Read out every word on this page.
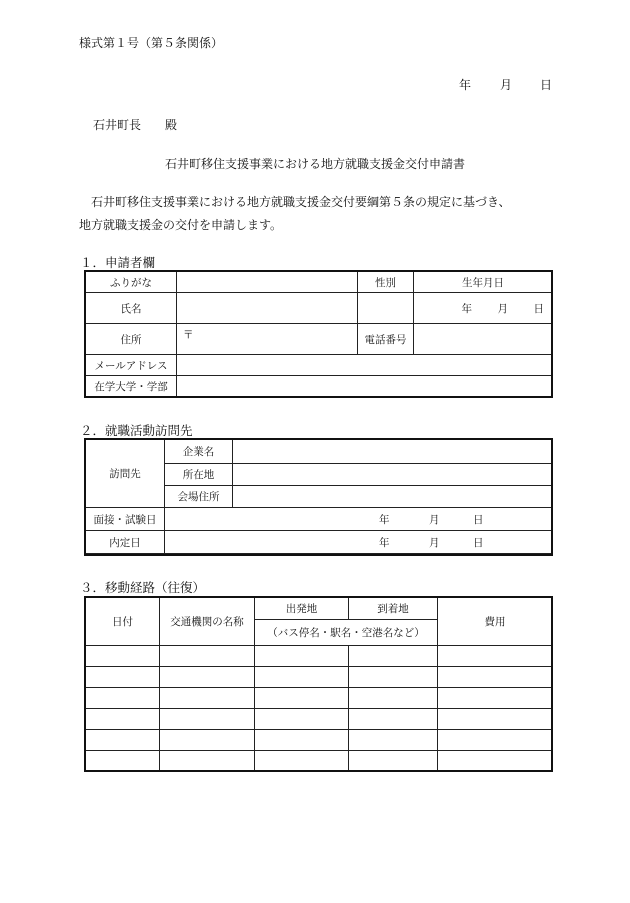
様式第１号（第５条関係）
年 月 日
石井町長　　殿
石井町移住支援事業における地方就職支援金交付申請書

石井町移住支援事業における地方就職支援金交付要綱第５条の規定に基づき、

地方就職支援金の交付を申請します。

１．申請者欄
ふりがな		性別	生年月日
氏名			年 月 日

住所	〒	電話番号	
メールアドレス			
在学大学・学部			
２．就職活動訪問先
訪問先	企業名	
	所在地	
	会場住所	
面接・試験日	年 月 日	
内定日	年 月 日	
３．移動経路（往復）
日付	交通機関の名称	出発地	到着地	費用
		（バス停名・駅名・空港名など）		
